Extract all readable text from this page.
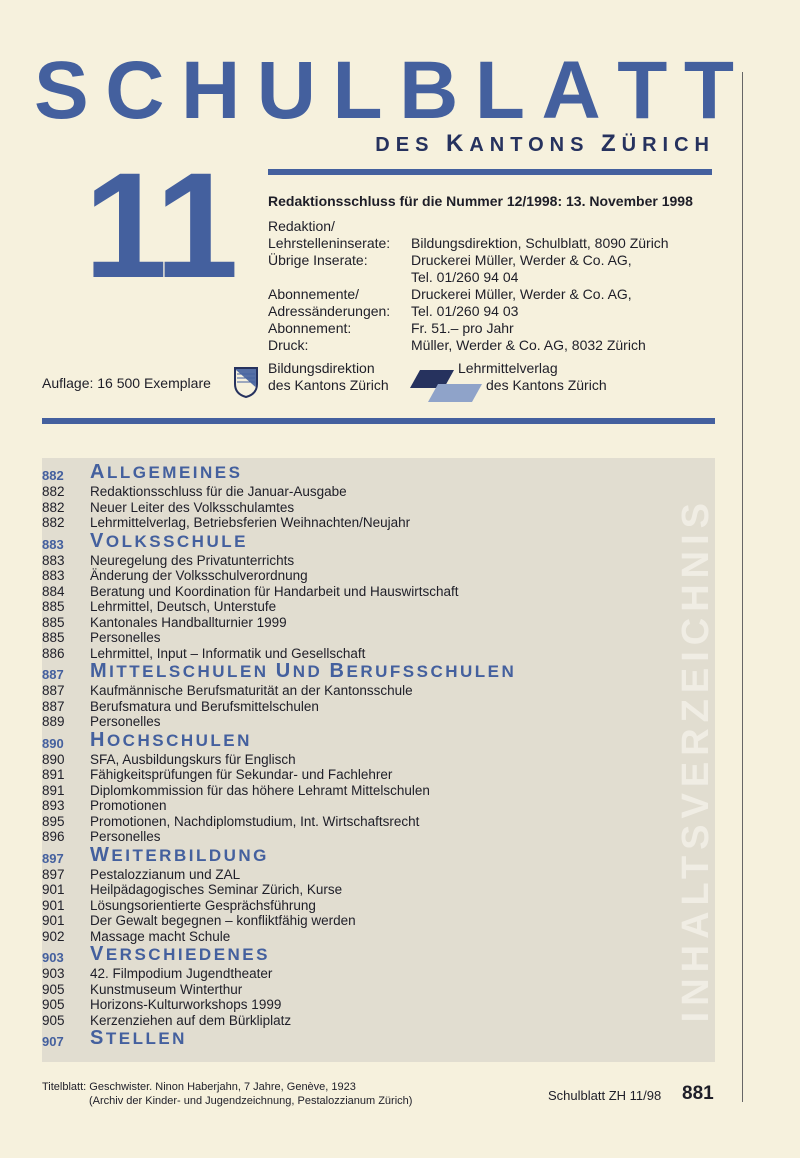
S C H U L B L A T T
DES KANTONS ZÜRICH
11 Redaktionsschluss für die Nummer 12/1998: 13. November 1998
Redaktion/
Lehrstelleninserate:	Bildungsdirektion, Schulblatt, 8090 Zürich
Übrige Inserate:	Druckerei Müller, Werder & Co. AG,
Tel. 01/260 94 04
Abonnemente/	Druckerei Müller, Werder & Co. AG,
Adressänderungen:	Tel. 01/260 94 03
Abonnement:	Fr. 51.– pro Jahr
Druck:	Müller, Werder & Co. AG, 8032 Zürich
Auflage: 16 500 Exemplare
Bildungsdirektion
des Kantons Zürich
Lehrmittelverlag
des Kantons Zürich
882	ALLGEMEINES
882	Redaktionsschluss für die Januar-Ausgabe
882	Neuer Leiter des Volksschulamtes
882	Lehrmittelverlag, Betriebsferien Weihnachten/Neujahr
883	VOLKSSCHULE
883	Neuregelung des Privatunterrichts
883	Änderung der Volksschulverordnung
884	Beratung und Koordination für Handarbeit und Hauswirtschaft
885	Lehrmittel, Deutsch, Unterstufe
885	Kantonales Handballturnier 1999
885	Personelles
886	Lehrmittel, Input – Informatik und Gesellschaft
887	MITTELSCHULEN UND BERUFSSCHULEN
887	Kaufmännische Berufsmaturität an der Kantonsschule
887	Berufsmatura und Berufsmittelschulen
889	Personelles
890	HOCHSCHULEN
890	SFA, Ausbildungskurs für Englisch
891	Fähigkeitsprüfungen für Sekundar- und Fachlehrer
891	Diplomkommission für das höhere Lehramt Mittelschulen
893	Promotionen
895	Promotionen, Nachdiplomstudium, Int. Wirtschaftsrecht
896	Personelles
897	WEITERBILDUNG
897	Pestalozzianum und ZAL
901	Heilpädagogisches Seminar Zürich, Kurse
901	Lösungsorientierte Gesprächsführung
901	Der Gewalt begegnen – konfliktfähig werden
902	Massage macht Schule
903	VERSCHIEDENES
903	42. Filmpodium Jugendtheater
905	Kunstmuseum Winterthur
905	Horizons-Kulturworkshops 1999
905	Kerzenziehen auf dem Bürkliplatz
907	STELLEN
INHALTSVERZEICHNIS
Titelblatt: Geschwister. Ninon Haberjahn, 7 Jahre, Genève, 1923
(Archiv der Kinder- und Jugendzeichnung, Pestalozzianum Zürich)	Schulblatt ZH 11/98 881
